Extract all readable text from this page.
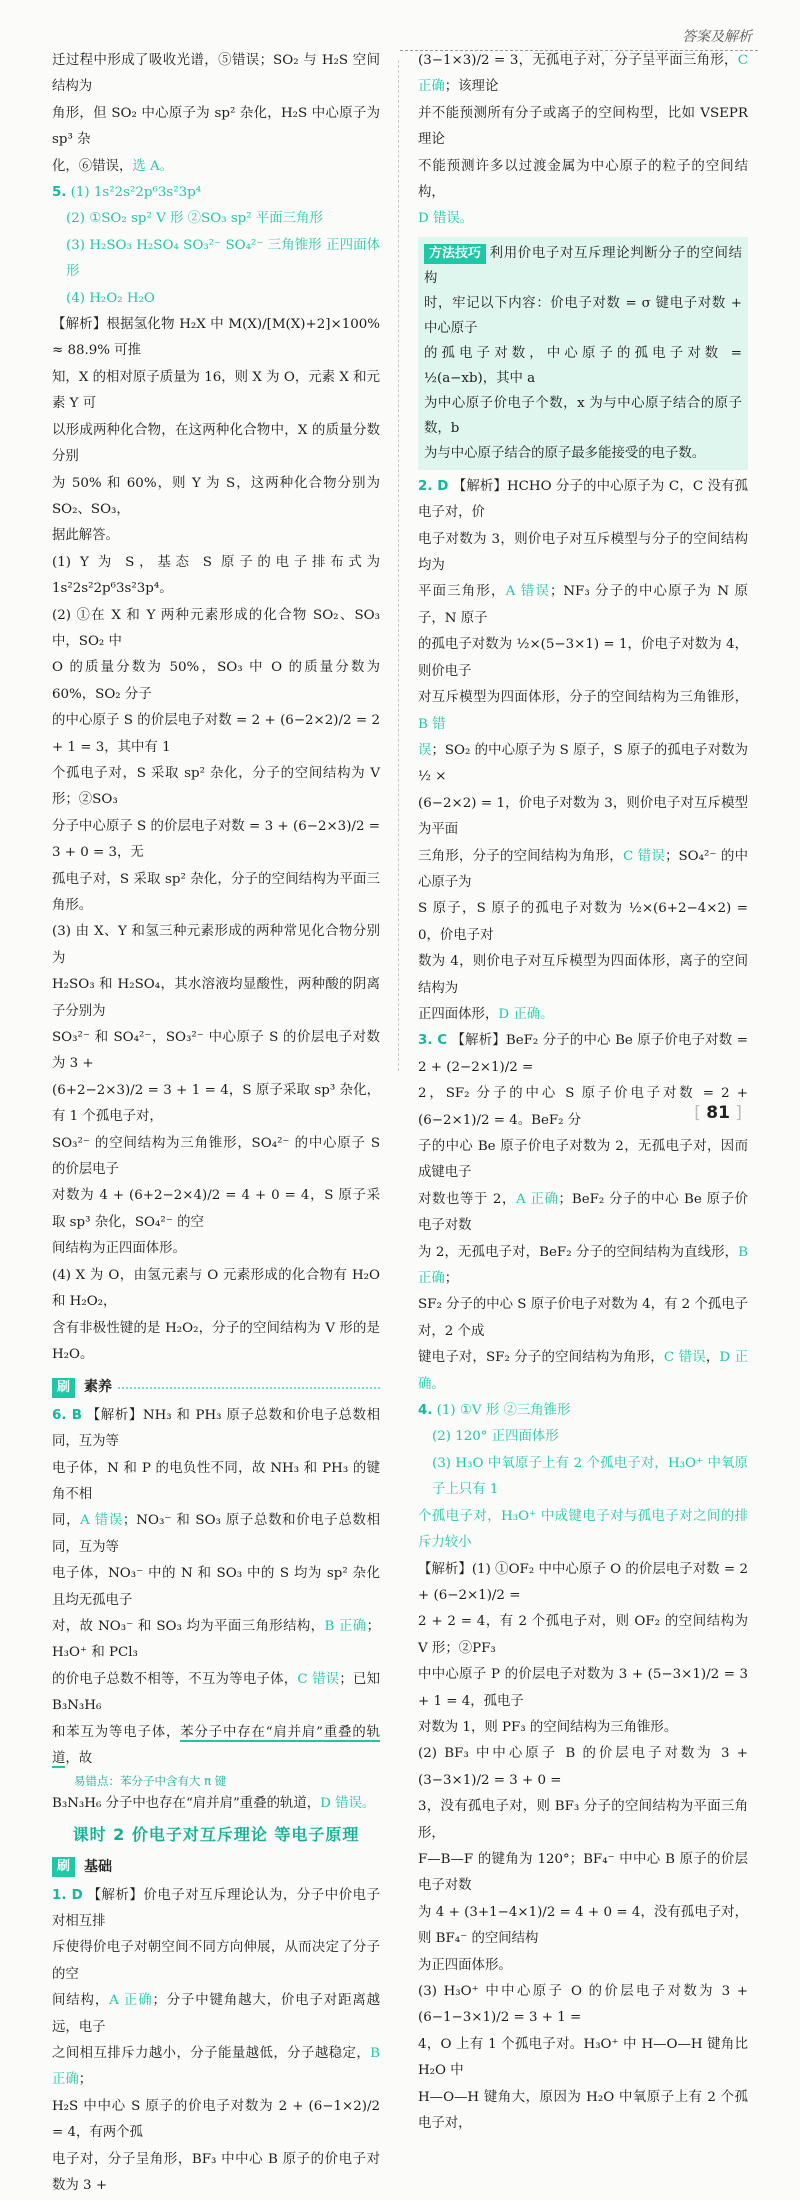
答案及解析

迁过程中形成了吸收光谱，⑤错误；SO₂ 与 H₂S 空间结构为

角形，但 SO₂ 中心原子为 sp² 杂化，H₂S 中心原子为 sp³ 杂

化，⑥错误，选 A。

5. (1) 1s²2s²2p⁶3s²3p⁴

(2) ①SO₂ sp² V 形 ②SO₃ sp² 平面三角形

(3) H₂SO₃ H₂SO₄ SO₃²⁻ SO₄²⁻ 三角锥形 正四面体形

(4) H₂O₂ H₂O

【解析】根据氢化物 H₂X 中 M(X)/[M(X)+2]×100% ≈ 88.9% 可推

知，X 的相对原子质量为 16，则 X 为 O，元素 X 和元素 Y 可

以形成两种化合物，在这两种化合物中，X 的质量分数分别

为 50% 和 60%，则 Y 为 S，这两种化合物分别为 SO₂、SO₃，

据此解答。

(1) Y 为 S，基态 S 原子的电子排布式为 1s²2s²2p⁶3s²3p⁴。

(2) ①在 X 和 Y 两种元素形成的化合物 SO₂、SO₃ 中，SO₂ 中

O 的质量分数为 50%，SO₃ 中 O 的质量分数为 60%，SO₂ 分子

的中心原子 S 的价层电子对数 = 2 + (6−2×2)/2 = 2 + 1 = 3，其中有 1

个孤电子对，S 采取 sp² 杂化，分子的空间结构为 V 形；②SO₃

分子中心原子 S 的价层电子对数 = 3 + (6−2×3)/2 = 3 + 0 = 3，无

孤电子对，S 采取 sp² 杂化，分子的空间结构为平面三角形。

(3) 由 X、Y 和氢三种元素形成的两种常见化合物分别为

H₂SO₃ 和 H₂SO₄，其水溶液均显酸性，两种酸的阴离子分别为

SO₃²⁻ 和 SO₄²⁻，SO₃²⁻ 中心原子 S 的价层电子对数为 3 +

(6+2−2×3)/2 = 3 + 1 = 4，S 原子采取 sp³ 杂化，有 1 个孤电子对，

SO₃²⁻ 的空间结构为三角锥形，SO₄²⁻ 的中心原子 S 的价层电子

对数为 4 + (6+2−2×4)/2 = 4 + 0 = 4，S 原子采取 sp³ 杂化，SO₄²⁻ 的空

间结构为正四面体形。

(4) X 为 O，由氢元素与 O 元素形成的化合物有 H₂O 和 H₂O₂，

含有非极性键的是 H₂O₂，分子的空间结构为 V 形的是 H₂O。

刷	素养

6. B 【解析】NH₃ 和 PH₃ 原子总数和价电子总数相同，互为等

电子体，N 和 P 的电负性不同，故 NH₃ 和 PH₃ 的键角不相

同，A 错误；NO₃⁻ 和 SO₃ 原子总数和价电子总数相同，互为等

电子体，NO₃⁻ 中的 N 和 SO₃ 中的 S 均为 sp² 杂化且均无孤电子

对，故 NO₃⁻ 和 SO₃ 均为平面三角形结构，B 正确；H₃O⁺ 和 PCl₃

的价电子总数不相等，不互为等电子体，C 错误；已知 B₃N₃H₆

和苯互为等电子体，苯分子中存在“肩并肩”重叠的轨道，故

易错点：苯分子中含有大 π 键

B₃N₃H₆ 分子中也存在“肩并肩”重叠的轨道，D 错误。

课时 2 价电子对互斥理论 等电子原理
刷	基础

1. D 【解析】价电子对互斥理论认为，分子中价电子对相互排

斥使得价电子对朝空间不同方向伸展，从而决定了分子的空

间结构，A 正确；分子中键角越大，价电子对距离越远，电子

之间相互排斥力越小，分子能量越低，分子越稳定，B 正确；

H₂S 中中心 S 原子的价电子对数为 2 + (6−1×2)/2 = 4，有两个孤

电子对，分子呈角形，BF₃ 中中心 B 原子的价电子对数为 3 +

(3−1×3)/2 = 3，无孤电子对，分子呈平面三角形，C 正确；该理论

并不能预测所有分子或离子的空间构型，比如 VSEPR 理论

不能预测许多以过渡金属为中心原子的粒子的空间结构，

D 错误。

方法技巧 利用价电子对互斥理论判断分子的空间结构

时，牢记以下内容：价电子对数 = σ 键电子对数 + 中心原子

的孤电子对数，中心原子的孤电子对数 = ½(a−xb)，其中 a

为中心原子价电子个数，x 为与中心原子结合的原子数，b

为与中心原子结合的原子最多能接受的电子数。

2. D 【解析】HCHO 分子的中心原子为 C，C 没有孤电子对，价

电子对数为 3，则价电子对互斥模型与分子的空间结构均为

平面三角形，A 错误；NF₃ 分子的中心原子为 N 原子，N 原子

的孤电子对数为 ½×(5−3×1) = 1，价电子对数为 4，则价电子

对互斥模型为四面体形，分子的空间结构为三角锥形，B 错

误；SO₂ 的中心原子为 S 原子，S 原子的孤电子对数为 ½ ×

(6−2×2) = 1，价电子对数为 3，则价电子对互斥模型为平面

三角形，分子的空间结构为角形，C 错误；SO₄²⁻ 的中心原子为

S 原子，S 原子的孤电子对数为 ½×(6+2−4×2) = 0，价电子对

数为 4，则价电子对互斥模型为四面体形，离子的空间结构为

正四面体形，D 正确。

3. C 【解析】BeF₂ 分子的中心 Be 原子价电子对数 = 2 + (2−2×1)/2 =

2，SF₂ 分子的中心 S 原子价电子对数 = 2 + (6−2×1)/2 = 4。BeF₂ 分

子的中心 Be 原子价电子对数为 2，无孤电子对，因而成键电子

对数也等于 2，A 正确；BeF₂ 分子的中心 Be 原子价电子对数

为 2，无孤电子对，BeF₂ 分子的空间结构为直线形，B 正确；

SF₂ 分子的中心 S 原子价电子对数为 4，有 2 个孤电子对，2 个成

键电子对，SF₂ 分子的空间结构为角形，C 错误，D 正确。

4. (1) ①V 形 ②三角锥形

(2) 120° 正四面体形

(3) H₃O 中氧原子上有 2 个孤电子对，H₃O⁺ 中氧原子上只有 1

个孤电子对，H₃O⁺ 中成键电子对与孤电子对之间的排斥力较小

【解析】(1) ①OF₂ 中中心原子 O 的价层电子对数 = 2 + (6−2×1)/2 =

2 + 2 = 4，有 2 个孤电子对，则 OF₂ 的空间结构为 V 形；②PF₃

中中心原子 P 的价层电子对数为 3 + (5−3×1)/2 = 3 + 1 = 4，孤电子

对数为 1，则 PF₃ 的空间结构为三角锥形。

(2) BF₃ 中中心原子 B 的价层电子对数为 3 + (3−3×1)/2 = 3 + 0 =

3，没有孤电子对，则 BF₃ 分子的空间结构为平面三角形，

F—B—F 的键角为 120°；BF₄⁻ 中中心 B 原子的价层电子对数

为 4 + (3+1−4×1)/2 = 4 + 0 = 4，没有孤电子对，则 BF₄⁻ 的空间结构

为正四面体形。

(3) H₃O⁺ 中中心原子 O 的价层电子对数为 3 + (6−1−3×1)/2 = 3 + 1 =

4，O 上有 1 个孤电子对。H₃O⁺ 中 H—O—H 键角比 H₂O 中

H—O—H 键角大，原因为 H₂O 中氧原子上有 2 个孤电子对，

[ 81 ]
